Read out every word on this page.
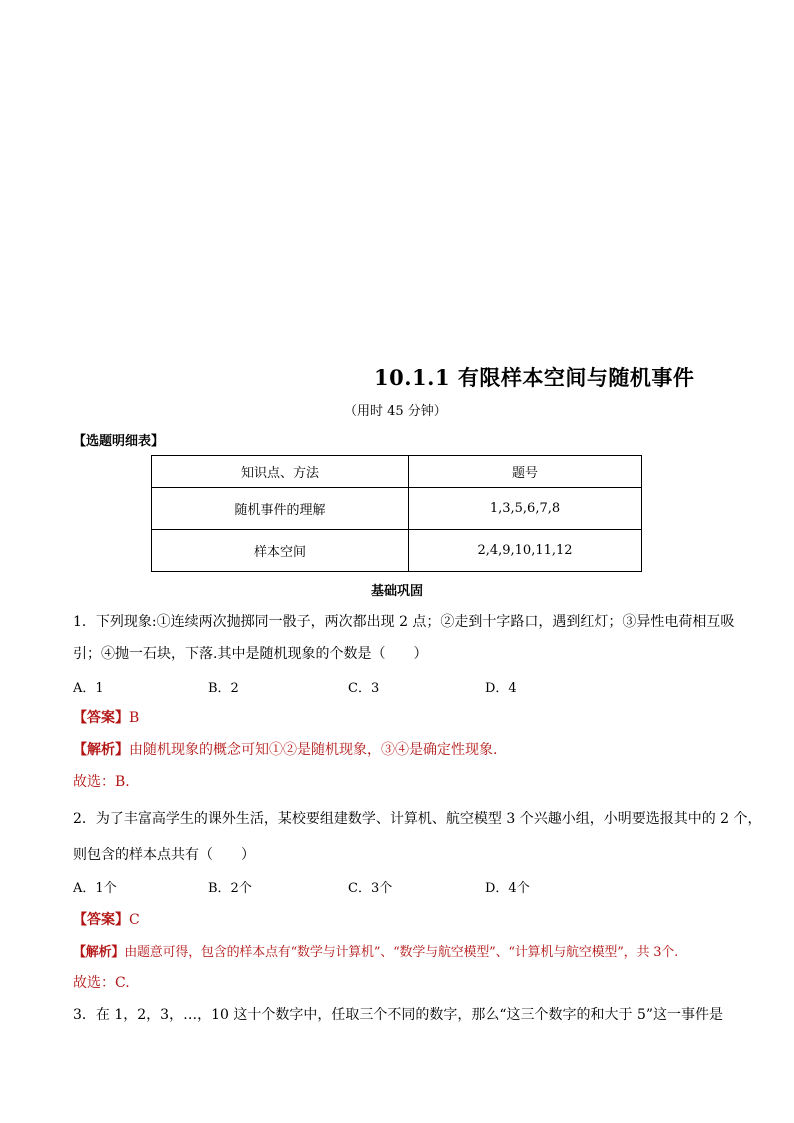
10.1.1 有限样本空间与随机事件
（用时 45 分钟）
【选题明细表】
知识点、方法	题号
随机事件的理解	1,3,5,6,7,8
样本空间	2,4,9,10,11,12
基础巩固
1．下列现象:①连续两次抛掷同一骰子，两次都出现 2 点；②走到十字路口，遇到红灯；③异性电荷相互吸
引；④抛一石块，下落.其中是随机现象的个数是（　　）
A．1	B．2	C．3	D．4
【答案】B
【解析】由随机现象的概念可知①②是随机现象，③④是确定性现象.
故选：B.
2．为了丰富高学生的课外生活，某校要组建数学、计算机、航空模型 3 个兴趣小组，小明要选报其中的 2 个，
则包含的样本点共有（　　）
A．1个	B．2个	C．3个	D．4个
【答案】C
【解析】由题意可得，包含的样本点有“数学与计算机”、“数学与航空模型”、“计算机与航空模型”，共 3个.
故选：C.
3．在 1，2，3，…，10 这十个数字中，任取三个不同的数字，那么“这三个数字的和大于 5”这一事件是
